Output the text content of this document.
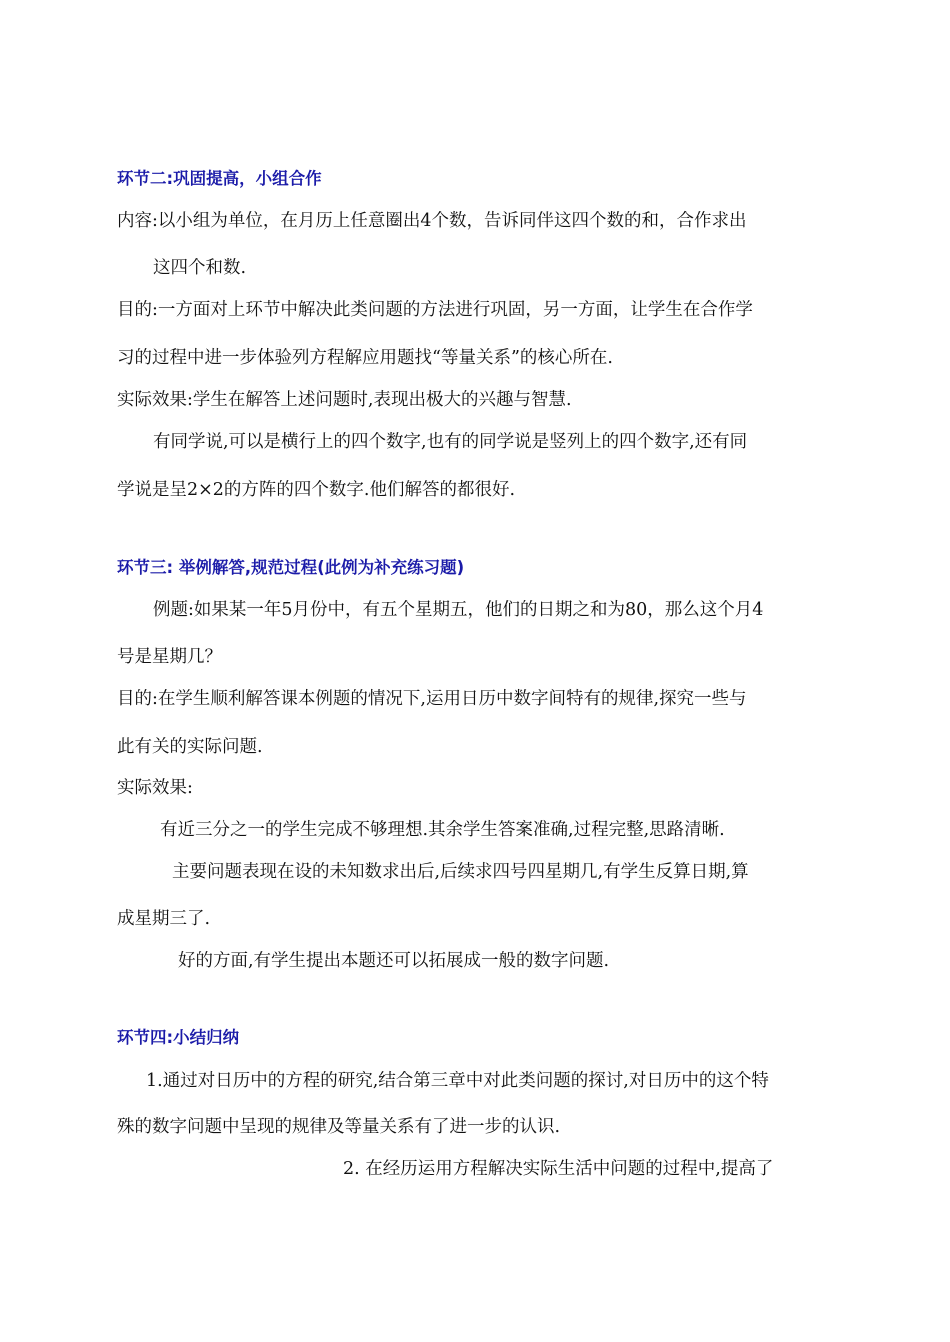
环节二:巩固提高，小组合作
内容:以小组为单位，在月历上任意圈出4个数，告诉同伴这四个数的和，合作求出
这四个和数.
目的:一方面对上环节中解决此类问题的方法进行巩固，另一方面，让学生在合作学
习的过程中进一步体验列方程解应用题找“等量关系”的核心所在.
实际效果:学生在解答上述问题时,表现出极大的兴趣与智慧.
有同学说,可以是横行上的四个数字,也有的同学说是竖列上的四个数字,还有同
学说是呈2×2的方阵的四个数字.他们解答的都很好.
环节三: 举例解答,规范过程(此例为补充练习题)
例题:如果某一年5月份中，有五个星期五，他们的日期之和为80，那么这个月4
号是星期几？
目的:在学生顺利解答课本例题的情况下,运用日历中数字间特有的规律,探究一些与
此有关的实际问题.
实际效果:
有近三分之一的学生完成不够理想.其余学生答案准确,过程完整,思路清晰.
主要问题表现在设的未知数求出后,后续求四号四星期几,有学生反算日期,算
成星期三了.
好的方面,有学生提出本题还可以拓展成一般的数字问题.
环节四:小结归纳
1.通过对日历中的方程的研究,结合第三章中对此类问题的探讨,对日历中的这个特
殊的数字问题中呈现的规律及等量关系有了进一步的认识.
2. 在经历运用方程解决实际生活中问题的过程中,提高了
